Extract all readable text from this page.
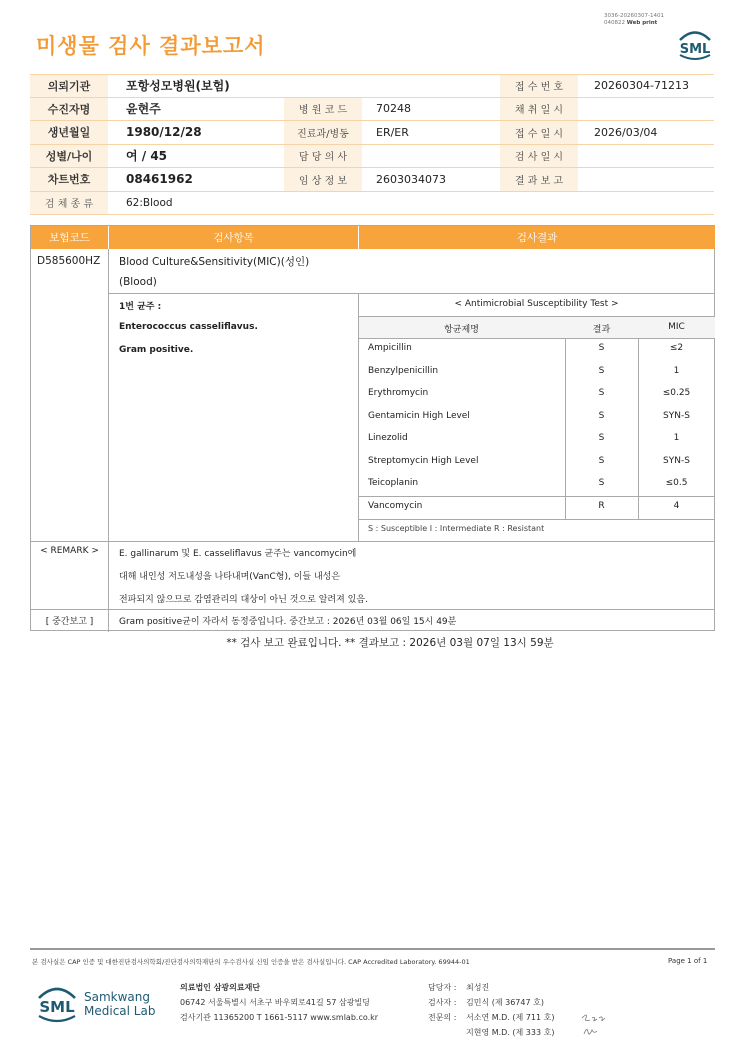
미생물 검사 결과보고서
3036-20260307-1401
040822 Web print
SML
의뢰기관	포항성모병원(보험)	접 수 번 호	20260304-71213
수진자명	윤현주	병 원 코 드	70248	채 취 일 시
생년월일	1980/12/28	진료과/병동	ER/ER	접 수 일 시	2026/03/04
성별/나이	여 / 45	담 당 의 사	검 사 일 시
차트번호	08461962	임 상 정 보	2603034073	결 과 보 고
검 체 종 류	62:Blood
보험코드	검사항목	검사결과
D585600HZ Blood Culture&Sensitivity(MIC)(성인)
(Blood)
1번 균주 :
Enterococcus casseliflavus.
Gram positive.
< Antimicrobial Susceptibility Test >
항균제명	결과	MIC
Ampicillin	S	≤2
Benzylpenicillin	S	1
Erythromycin	S	≤0.25
Gentamicin High Level	S	SYN-S
Linezolid	S	1
Streptomycin High Level	S	SYN-S
Teicoplanin	S	≤0.5
Vancomycin	R	4
S : Susceptible I : Intermediate R : Resistant
< REMARK >	E. gallinarum 및 E. casseliflavus 균주는 vancomycin에
대해 내인성 저도내성을 나타내며(VanC형), 이들 내성은
전파되지 않으므로 감염관리의 대상이 아닌 것으로 알려져 있음.
[ 중간보고 ]	Gram positive균이 자라서 동정중입니다. 중간보고 : 2026년 03월 06일 15시 49분
** 검사 보고 완료입니다. ** 결과보고 : 2026년 03월 07일 13시 59분
본 검사실은 CAP 인증 및 대한진단검사의학회/진단검사의학재단의 우수검사실 신임 인증을 받은 검사실입니다. CAP Accredited Laboratory. 69944-01	Page 1 of 1
SML
Samkwang
Medical Lab
의료법인 삼광의료재단
06742 서울특별시 서초구 바우뫼로41길 57 삼광빌딩
검사기관 11365200 T 1661-5117 www.smlab.co.kr
담당자 : 최성진
검사자 : 김민식 (제 36747 호)
전문의 : 서소연 M.D. (제 711 호)
지현영 M.D. (제 333 호)
